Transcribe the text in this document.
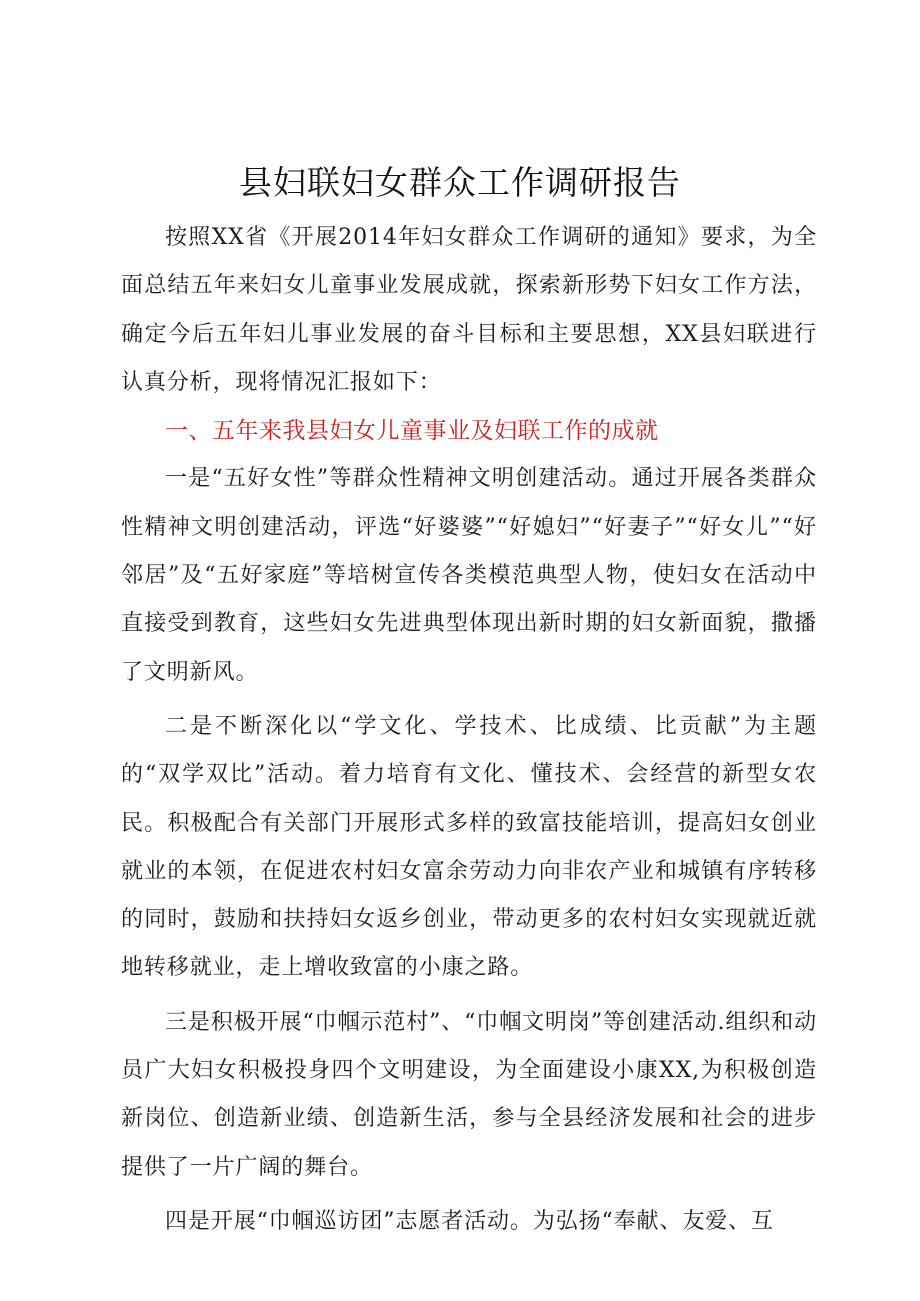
县妇联妇女群众工作调研报告

按照XX省《开展2014年妇女群众工作调研的通知》要求，为全面总结五年来妇女儿童事业发展成就，探索新形势下妇女工作方法，确定今后五年妇儿事业发展的奋斗目标和主要思想，XX县妇联进行认真分析，现将情况汇报如下：

一、五年来我县妇女儿童事业及妇联工作的成就

一是“五好女性”等群众性精神文明创建活动。通过开展各类群众性精神文明创建活动，评选“好婆婆”“好媳妇”“好妻子”“好女儿”“好邻居”及“五好家庭”等培树宣传各类模范典型人物，使妇女在活动中直接受到教育，这些妇女先进典型体现出新时期的妇女新面貌，撒播了文明新风。

二是不断深化以“学文化、学技术、比成绩、比贡献”为主题的“双学双比”活动。着力培育有文化、懂技术、会经营的新型女农民。积极配合有关部门开展形式多样的致富技能培训，提高妇女创业就业的本领，在促进农村妇女富余劳动力向非农产业和城镇有序转移的同时，鼓励和扶持妇女返乡创业，带动更多的农村妇女实现就近就地转移就业，走上增收致富的小康之路。

三是积极开展“巾帼示范村”、“巾帼文明岗”等创建活动.组织和动员广大妇女积极投身四个文明建设，为全面建设小康XX,为积极创造新岗位、创造新业绩、创造新生活，参与全县经济发展和社会的进步提供了一片广阔的舞台。

四是开展“巾帼巡访团”志愿者活动。为弘扬“奉献、友爱、互
